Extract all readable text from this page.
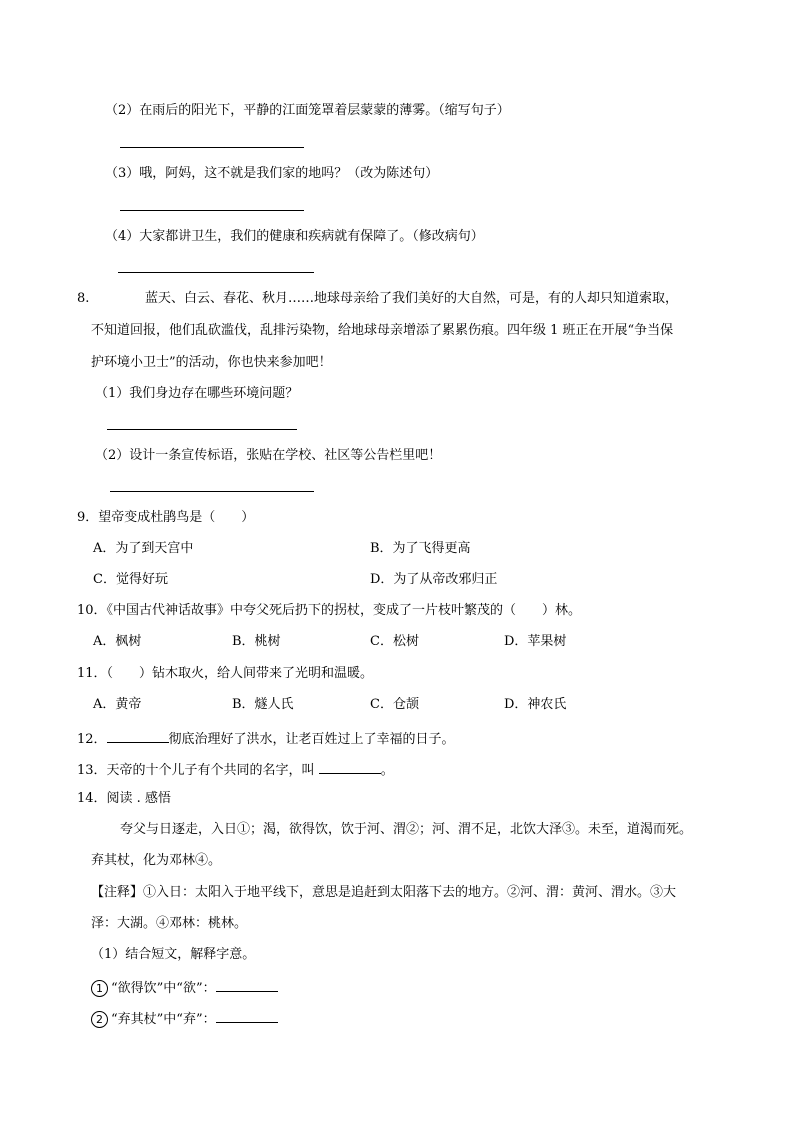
（2）在雨后的阳光下，平静的江面笼罩着层蒙蒙的薄雾。（缩写句子）
（3）哦，阿妈，这不就是我们家的地吗？（改为陈述句）
（4）大家都讲卫生，我们的健康和疾病就有保障了。（修改病句）
8.	蓝天、白云、春花、秋月……地球母亲给了我们美好的大自然，可是，有的人却只知道索取，
不知道回报，他们乱砍滥伐，乱排污染物，给地球母亲增添了累累伤痕。四年级 1 班正在开展“争当保
护环境小卫士”的活动，你也快来参加吧！
（1）我们身边存在哪些环境问题？
（2）设计一条宣传标语，张贴在学校、社区等公告栏里吧！
9．望帝变成杜鹃鸟是（　　）
A．为了到天宫中	B．为了飞得更高
C．觉得好玩	D．为了从帝改邪归正
10．《中国古代神话故事》中夸父死后扔下的拐杖，变成了一片枝叶繁茂的（　　）林。
A．枫树	B．桃树	C．松树	D．苹果树
11．（　　）钻木取火，给人间带来了光明和温暖。
A．黄帝	B．燧人氏	C．仓颉	D．神农氏
12．	彻底治理好了洪水，让老百姓过上了幸福的日子。
13．天帝的十个儿子有个共同的名字，叫	。
14．阅读 . 感悟
夸父与日逐走，入日①；渴，欲得饮，饮于河、渭②；河、渭不足，北饮大泽③。未至，道渴而死。
弃其杖，化为邓林④。
【注释】①入日：太阳入于地平线下，意思是追赶到太阳落下去的地方。②河、渭：黄河、渭水。③大
泽：大湖。④邓林：桃林。
（1）结合短文，解释字意。
1 “欲得饮”中“欲”：
2 “弃其杖”中“弃”：
